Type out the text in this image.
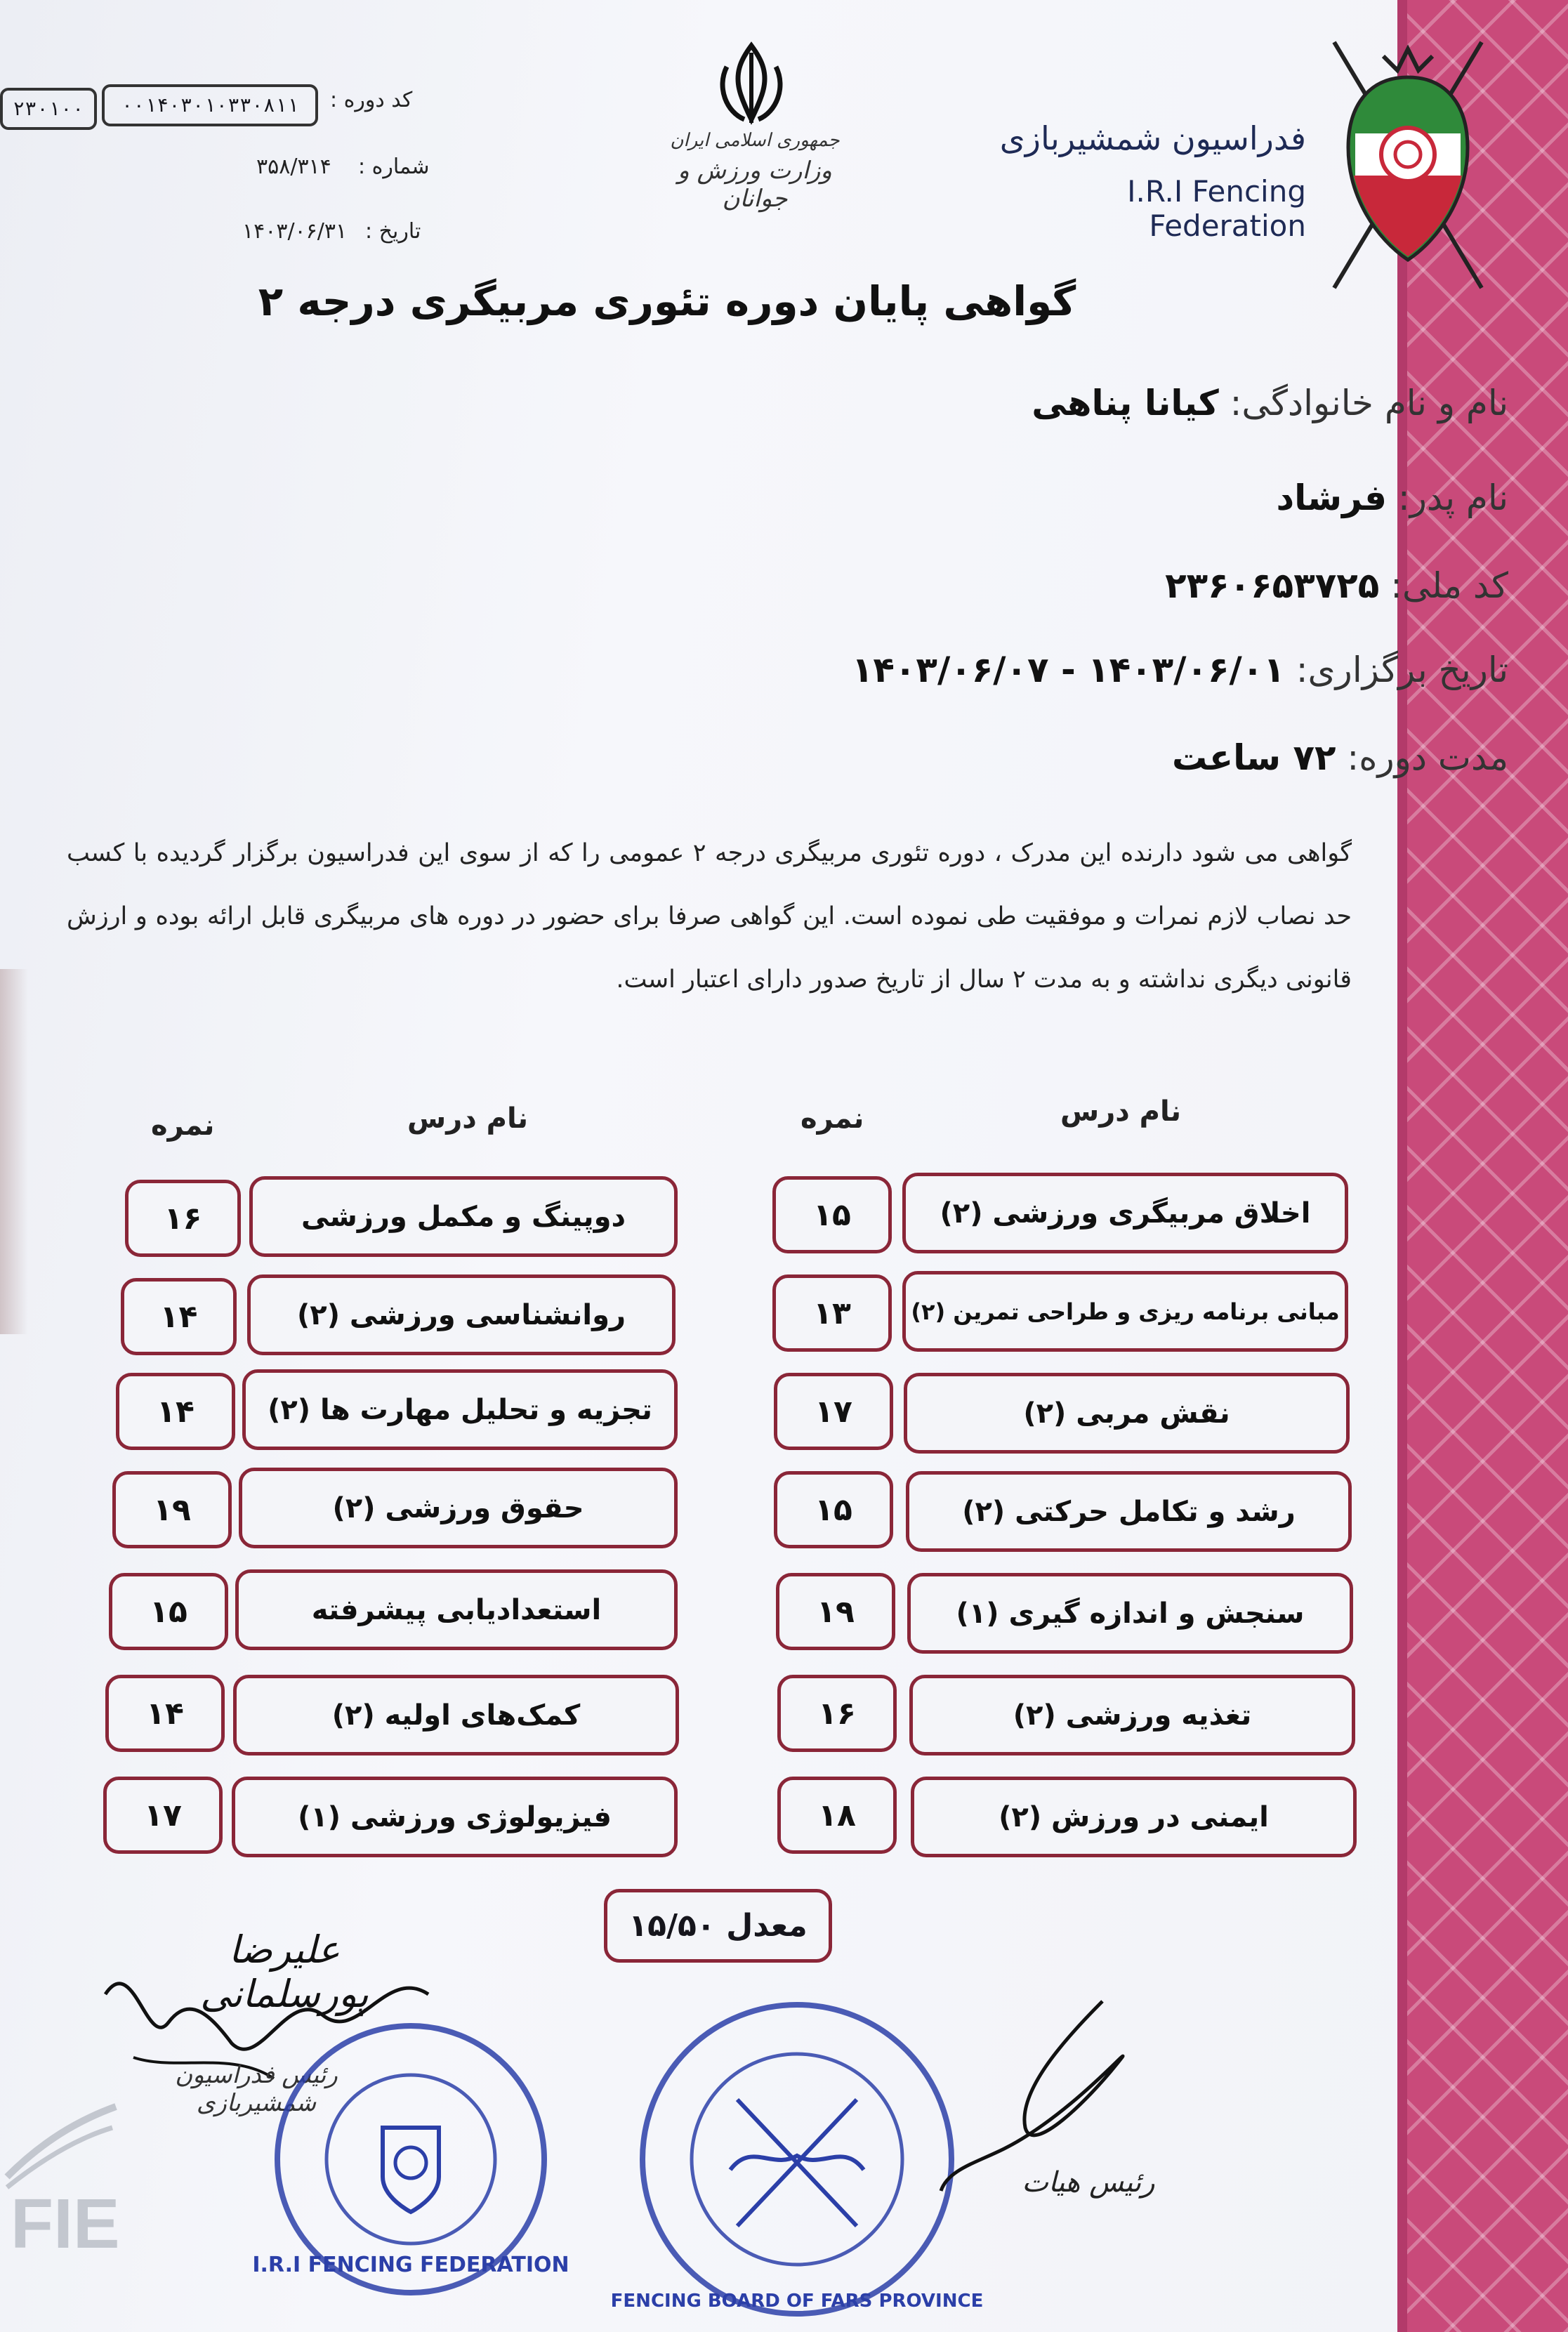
کد دوره :
۰۰۱۴۰۳۰۱۰۳۳۰۸۱۱
۲۳۰۱۰۰
شماره :
۳۵۸/۳۱۴
تاریخ :
۱۴۰۳/۰۶/۳۱
جمهوری اسلامی ایران
وزارت ورزش و جوانان
فدراسیون شمشیربازی
I.R.I Fencing Federation
گواهی پایان دوره تئوری مربیگری درجه ۲
نام و نام خانوادگی: کیانا پناهی
نام پدر: فرشاد
کد ملی: ۲۳۶۰۶۵۳۷۲۵
تاریخ برگزاری: ۱۴۰۳/۰۶/۰۱ - ۱۴۰۳/۰۶/۰۷
مدت دوره: ۷۲ ساعت
گواهی می شود دارنده این مدرک ، دوره تئوری مربیگری درجه ۲ عمومی را که از سوی این فدراسیون برگزار گردیده با کسب حد نصاب لازم نمرات و موفقیت طی نموده است. این گواهی صرفا برای حضور در دوره های مربیگری قابل ارائه بوده و ارزش قانونی دیگری نداشته و به مدت ۲ سال از تاریخ صدور دارای اعتبار است.
نام درس
نمره
نام درس
نمره
اخلاق مربیگری ورزشی (۲)
۱۵
مبانی برنامه ریزی و طراحی تمرین (۲)
۱۳
نقش مربی (۲)
۱۷
رشد و تکامل حرکتی (۲)
۱۵
سنجش و اندازه گیری (۱)
۱۹
تغذیه ورزشی (۲)
۱۶
ایمنی در ورزش (۲)
۱۸
دوپینگ و مکمل ورزشی
۱۶
روانشناسی ورزشی (۲)
۱۴
تجزیه و تحلیل مهارت ها (۲)
۱۴
حقوق ورزشی (۲)
۱۹
استعدادیابی پیشرفته
۱۵
کمک‌های اولیه (۲)
۱۴
فیزیولوژی ورزشی (۱)
۱۷
معدل

۱۵/۵۰
علیرضا پورسلمانی
رئیس فدراسیون شمشیربازی
I.R.I FENCING FEDERATION
FENCING BOARD OF FARS PROVINCE
رئیس هیات
FIE
